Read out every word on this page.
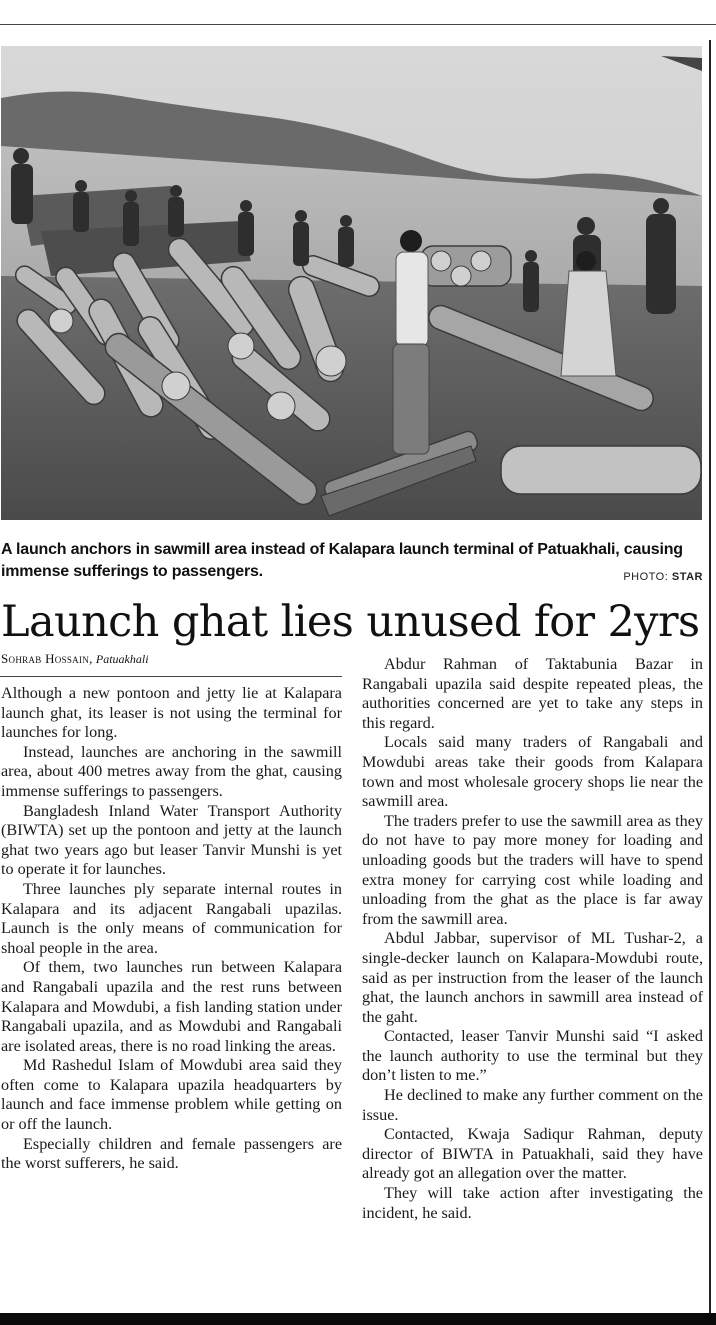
A launch anchors in sawmill area instead of Kalapara launch terminal of Patuakhali, causing immense sufferings to passengers.	PHOTO: STAR
Launch ghat lies unused for 2yrs
Sohrab Hossain, Patuakhali

Although a new pontoon and jetty lie at Kalapara launch ghat, its leaser is not using the terminal for launches for long.

Instead, launches are anchoring in the sawmill area, about 400 metres away from the ghat, causing immense sufferings to passengers.

Bangladesh Inland Water Transport Authority (BIWTA) set up the pontoon and jetty at the launch ghat two years ago but leaser Tanvir Munshi is yet to operate it for launches.

Three launches ply separate internal routes in Kalapara and its adjacent Rangabali upazilas. Launch is the only means of communication for shoal people in the area.

Of them, two launches run between Kalapara and Rangabali upazila and the rest runs between Kalapara and Mowdubi, a fish landing station under Rangabali upazila, and as Mowdubi and Rangabali are isolated areas, there is no road linking the areas.

Md Rashedul Islam of Mowdubi area said they often come to Kalapara upazila headquarters by launch and face immense problem while getting on or off the launch.

Especially children and female passengers are the worst sufferers, he said.

Abdur Rahman of Taktabunia Bazar in Rangabali upazila said despite repeated pleas, the authorities concerned are yet to take any steps in this regard.

Locals said many traders of Rangabali and Mowdubi areas take their goods from Kalapara town and most wholesale grocery shops lie near the sawmill area.

The traders prefer to use the sawmill area as they do not have to pay more money for loading and unloading goods but the traders will have to spend extra money for carrying cost while loading and unloading from the ghat as the place is far away from the sawmill area.

Abdul Jabbar, supervisor of ML Tushar-2, a single-decker launch on Kalapara-Mowdubi route, said as per instruction from the leaser of the launch ghat, the launch anchors in sawmill area instead of the gaht.

Contacted, leaser Tanvir Munshi said “I asked the launch authority to use the terminal but they don’t listen to me.”

He declined to make any further comment on the issue.

Contacted, Kwaja Sadiqur Rahman, deputy director of BIWTA in Patuakhali, said they have already got an allegation over the matter.

They will take action after investigating the incident, he said.
